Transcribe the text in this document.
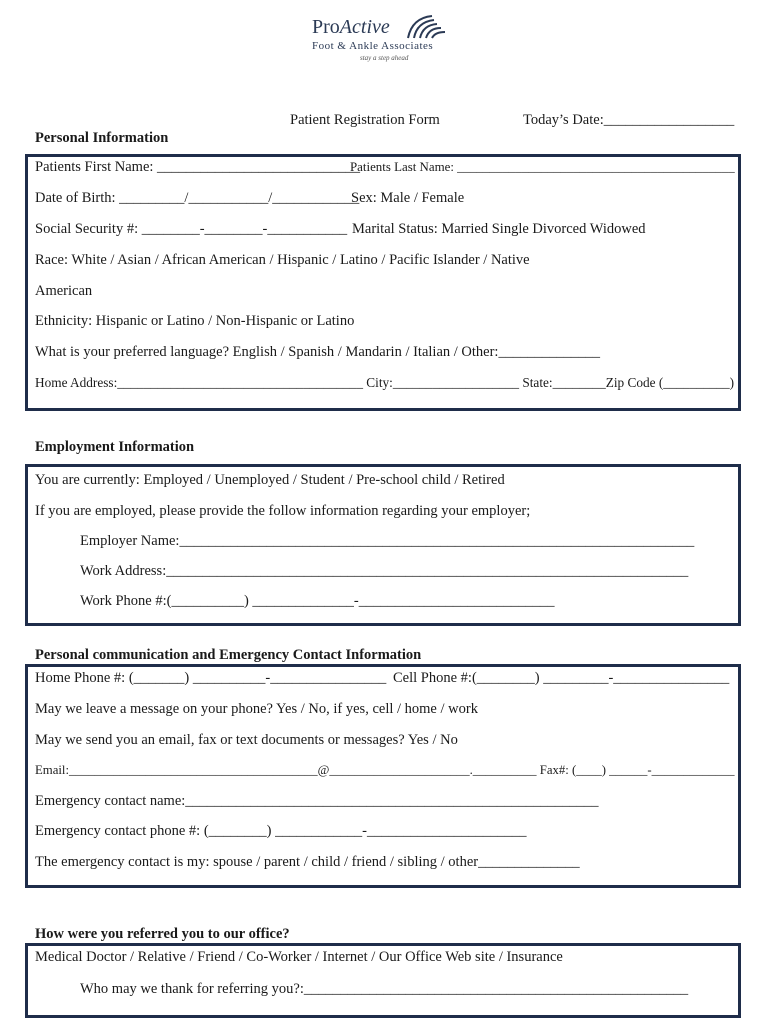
ProActive
Foot & Ankle Associates
stay a step ahead
Patient Registration Form	Today’s Date:__________________
Personal Information
Patients First Name: ____________________________
Patients Last Name: ___________________________________________
Date of Birth: _________/___________/____________
Sex: Male / Female
Social Security #: ________-________-___________ Marital Status: Married Single Divorced Widowed
Race: White / Asian / African American / Hispanic / Latino / Pacific Islander / Native
American
Ethnicity: Hispanic or Latino / Non-Hispanic or Latino
What is your preferred language? English / Spanish / Mandarin / Italian / Other:______________
Home Address:_____________________________________ City:___________________ State:________Zip Code (__________)
Employment Information
You are currently: Employed / Unemployed / Student / Pre-school child / Retired
If you are employed, please provide the follow information regarding your employer;
Employer Name:_______________________________________________________________________
Work Address:________________________________________________________________________
Work Phone #:(__________) ______________-___________________________
Personal communication and Emergency Contact Information
Home Phone #: (_______) __________-________________ Cell Phone #:(________) _________-________________
May we leave a message on your phone? Yes / No, if yes, cell / home / work
May we send you an email, fax or text documents or messages? Yes / No
Email:_______________________________________@______________________.__________ Fax#: (____) ______-_____________
Emergency contact name:_________________________________________________________
Emergency contact phone #: (________) ____________-______________________
The emergency contact is my: spouse / parent / child / friend / sibling / other______________
How were you referred you to our office?
Medical Doctor / Relative / Friend / Co-Worker / Internet / Our Office Web site / Insurance
Who may we thank for referring you?:_____________________________________________________
